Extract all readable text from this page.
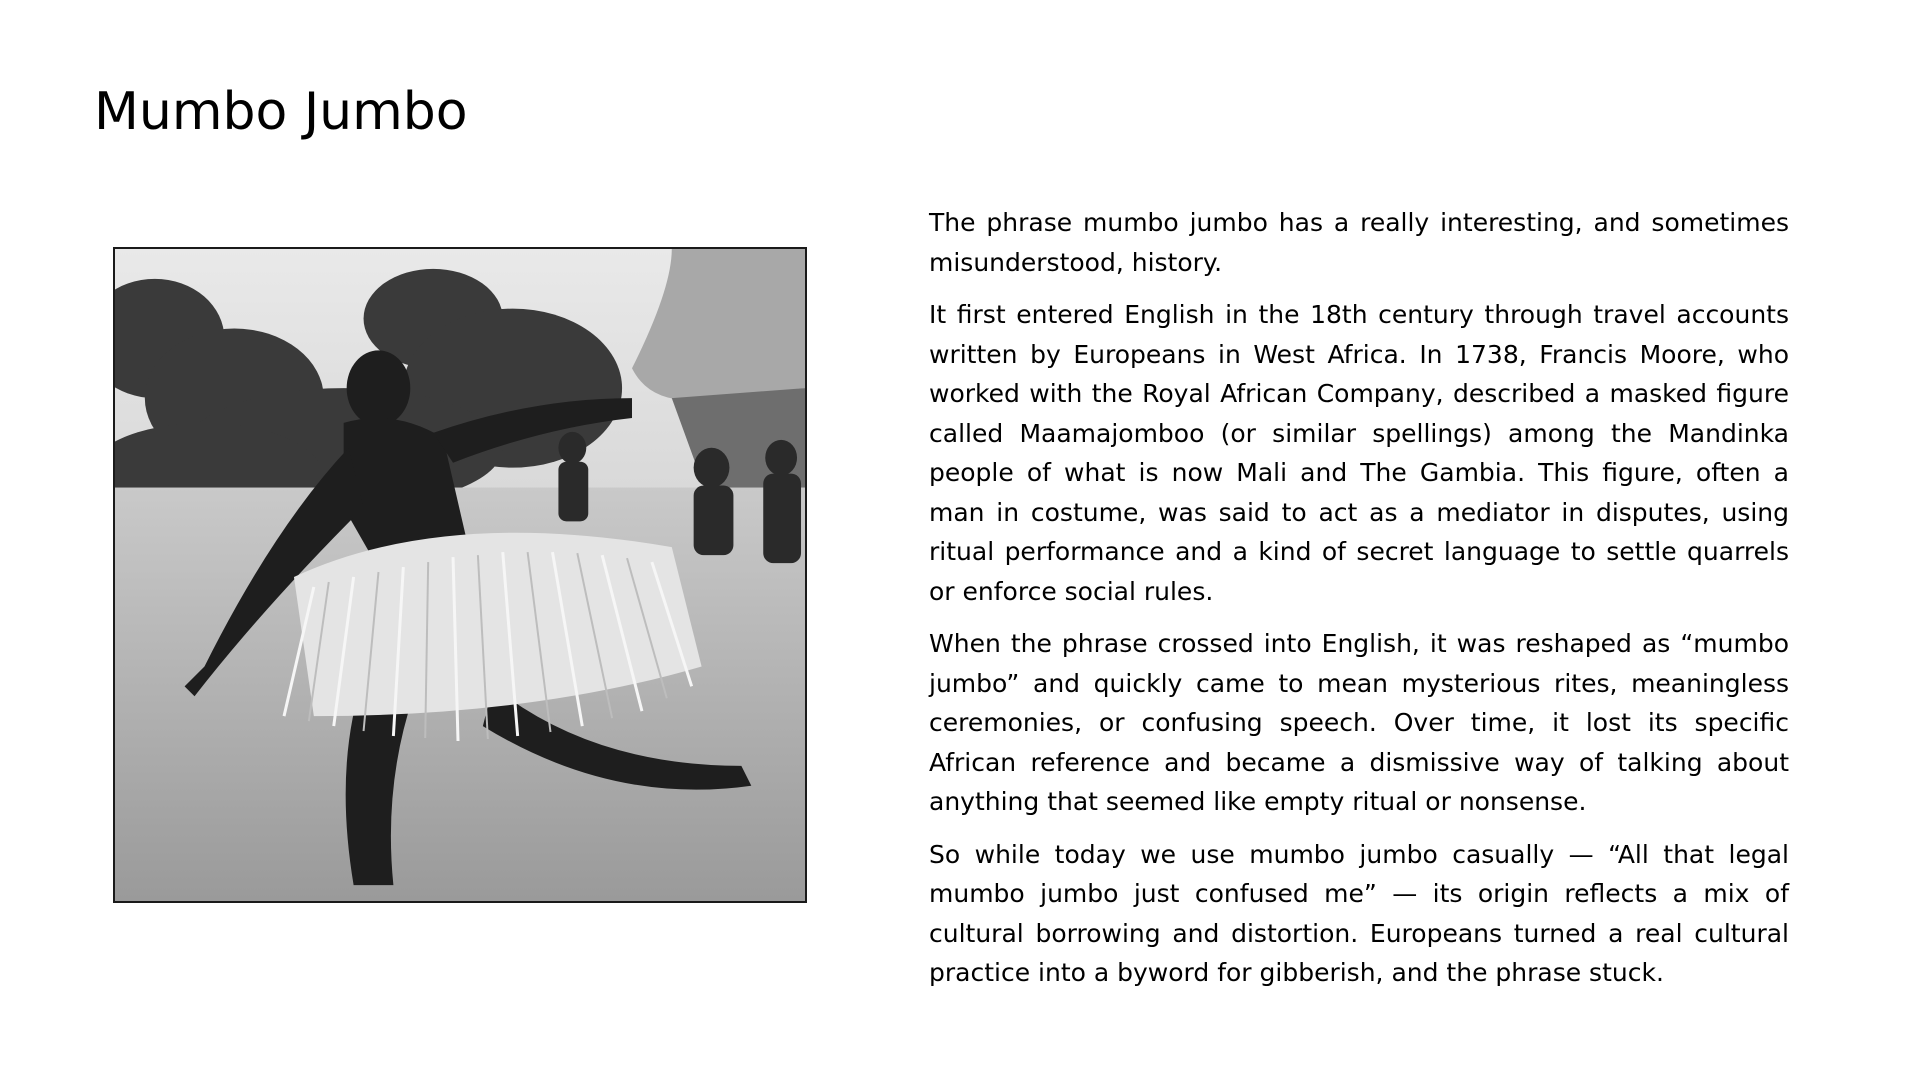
Mumbo Jumbo

The phrase mumbo jumbo has a really interesting, and sometimes misunderstood, history.

It first entered English in the 18th century through travel accounts written by Europeans in West Africa. In 1738, Francis Moore, who worked with the Royal African Company, described a masked figure called Maamajomboo (or similar spellings) among the Mandinka people of what is now Mali and The Gambia. This figure, often a man in costume, was said to act as a mediator in disputes, using ritual performance and a kind of secret language to settle quarrels or enforce social rules.

When the phrase crossed into English, it was reshaped as “mumbo jumbo” and quickly came to mean mysterious rites, meaningless ceremonies, or confusing speech. Over time, it lost its specific African reference and became a dismissive way of talking about anything that seemed like empty ritual or nonsense.

So while today we use mumbo jumbo casually — “All that legal mumbo jumbo just confused me” — its origin reflects a mix of cultural borrowing and distortion. Europeans turned a real cultural practice into a byword for gibberish, and the phrase stuck.
